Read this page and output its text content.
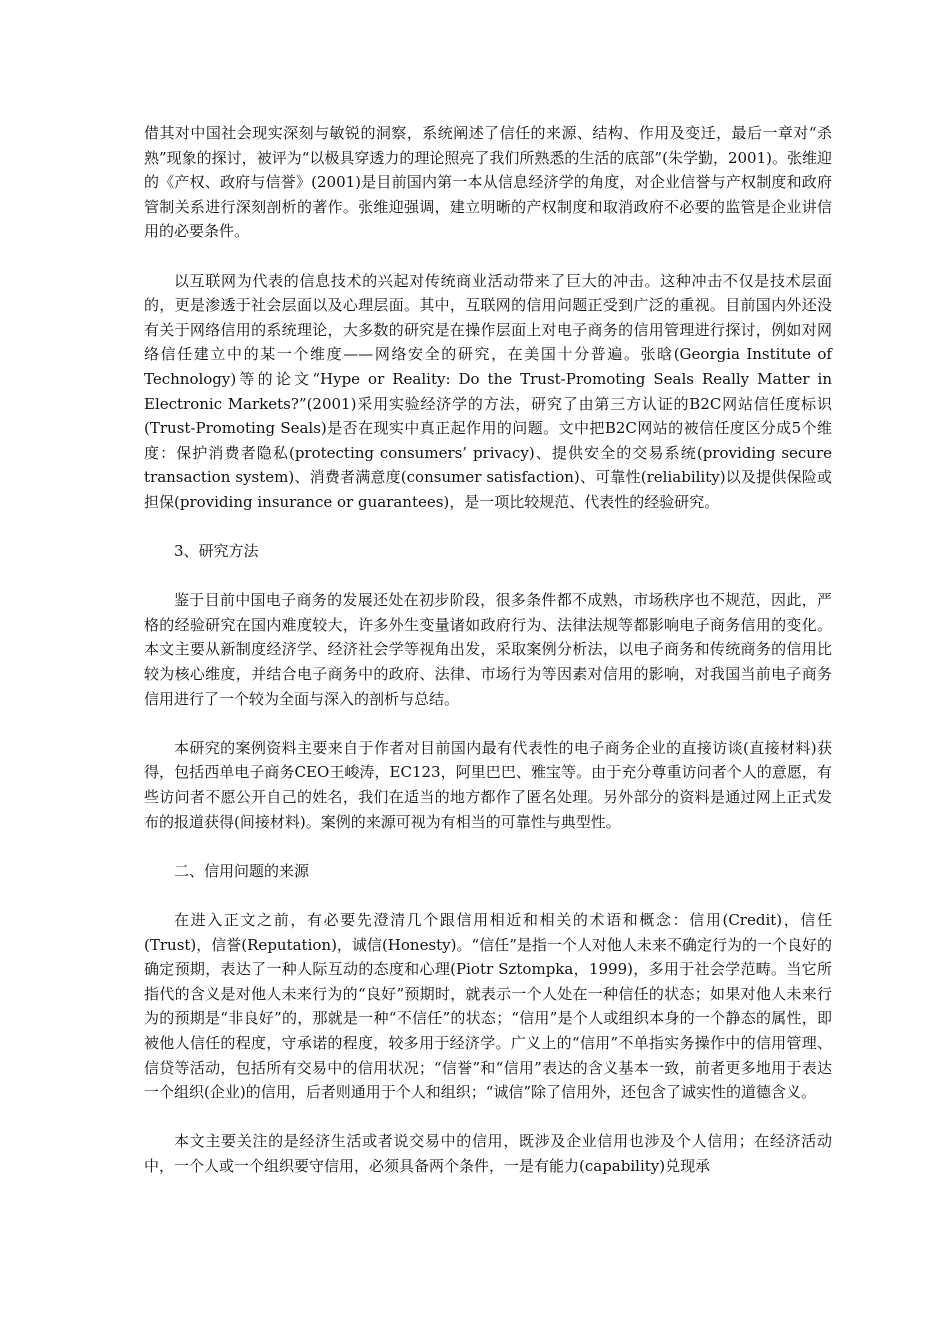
借其对中国社会现实深刻与敏锐的洞察，系统阐述了信任的来源、结构、作用及变迁，最后一章对“杀熟”现象的探讨，被评为“以极具穿透力的理论照亮了我们所熟悉的生活的底部”(朱学勤，2001)。张维迎的《产权、政府与信誉》(2001)是目前国内第一本从信息经济学的角度，对企业信誉与产权制度和政府管制关系进行深刻剖析的著作。张维迎强调，建立明晰的产权制度和取消政府不必要的监管是企业讲信用的必要条件。

以互联网为代表的信息技术的兴起对传统商业活动带来了巨大的冲击。这种冲击不仅是技术层面的，更是渗透于社会层面以及心理层面。其中，互联网的信用问题正受到广泛的重视。目前国内外还没有关于网络信用的系统理论，大多数的研究是在操作层面上对电子商务的信用管理进行探讨，例如对网络信任建立中的某一个维度——网络安全的研究，在美国十分普遍。张晗(Georgia Institute of Technology)等的论文“Hype or Reality: Do the Trust-Promoting Seals Really Matter in Electronic Markets?”(2001)采用实验经济学的方法，研究了由第三方认证的B2C网站信任度标识(Trust-Promoting Seals)是否在现实中真正起作用的问题。文中把B2C网站的被信任度区分成5个维度：保护消费者隐私(protecting consumers’ privacy)、提供安全的交易系统(providing secure transaction system)、消费者满意度(consumer satisfaction)、可靠性(reliability)以及提供保险或担保(providing insurance or guarantees)，是一项比较规范、代表性的经验研究。

3、研究方法

鉴于目前中国电子商务的发展还处在初步阶段，很多条件都不成熟，市场秩序也不规范，因此，严格的经验研究在国内难度较大，许多外生变量诸如政府行为、法律法规等都影响电子商务信用的变化。本文主要从新制度经济学、经济社会学等视角出发，采取案例分析法，以电子商务和传统商务的信用比较为核心维度，并结合电子商务中的政府、法律、市场行为等因素对信用的影响，对我国当前电子商务信用进行了一个较为全面与深入的剖析与总结。

本研究的案例资料主要来自于作者对目前国内最有代表性的电子商务企业的直接访谈(直接材料)获得，包括西单电子商务CEO王峻涛，EC123，阿里巴巴、雅宝等。由于充分尊重访问者个人的意愿，有些访问者不愿公开自己的姓名，我们在适当的地方都作了匿名处理。另外部分的资料是通过网上正式发布的报道获得(间接材料)。案例的来源可视为有相当的可靠性与典型性。

二、信用问题的来源

在进入正文之前，有必要先澄清几个跟信用相近和相关的术语和概念：信用(Credit)，信任(Trust)，信誉(Reputation)，诚信(Honesty)。“信任”是指一个人对他人未来不确定行为的一个良好的确定预期，表达了一种人际互动的态度和心理(Piotr Sztompka，1999)，多用于社会学范畴。当它所指代的含义是对他人未来行为的“良好”预期时，就表示一个人处在一种信任的状态；如果对他人未来行为的预期是“非良好”的，那就是一种“不信任”的状态；“信用”是个人或组织本身的一个静态的属性，即被他人信任的程度，守承诺的程度，较多用于经济学。广义上的“信用”不单指实务操作中的信用管理、信贷等活动，包括所有交易中的信用状况；“信誉”和“信用”表达的含义基本一致，前者更多地用于表达一个组织(企业)的信用，后者则通用于个人和组织；“诚信”除了信用外，还包含了诚实性的道德含义。

本文主要关注的是经济生活或者说交易中的信用，既涉及企业信用也涉及个人信用；在经济活动中，一个人或一个组织要守信用，必须具备两个条件，一是有能力(capability)兑现承
